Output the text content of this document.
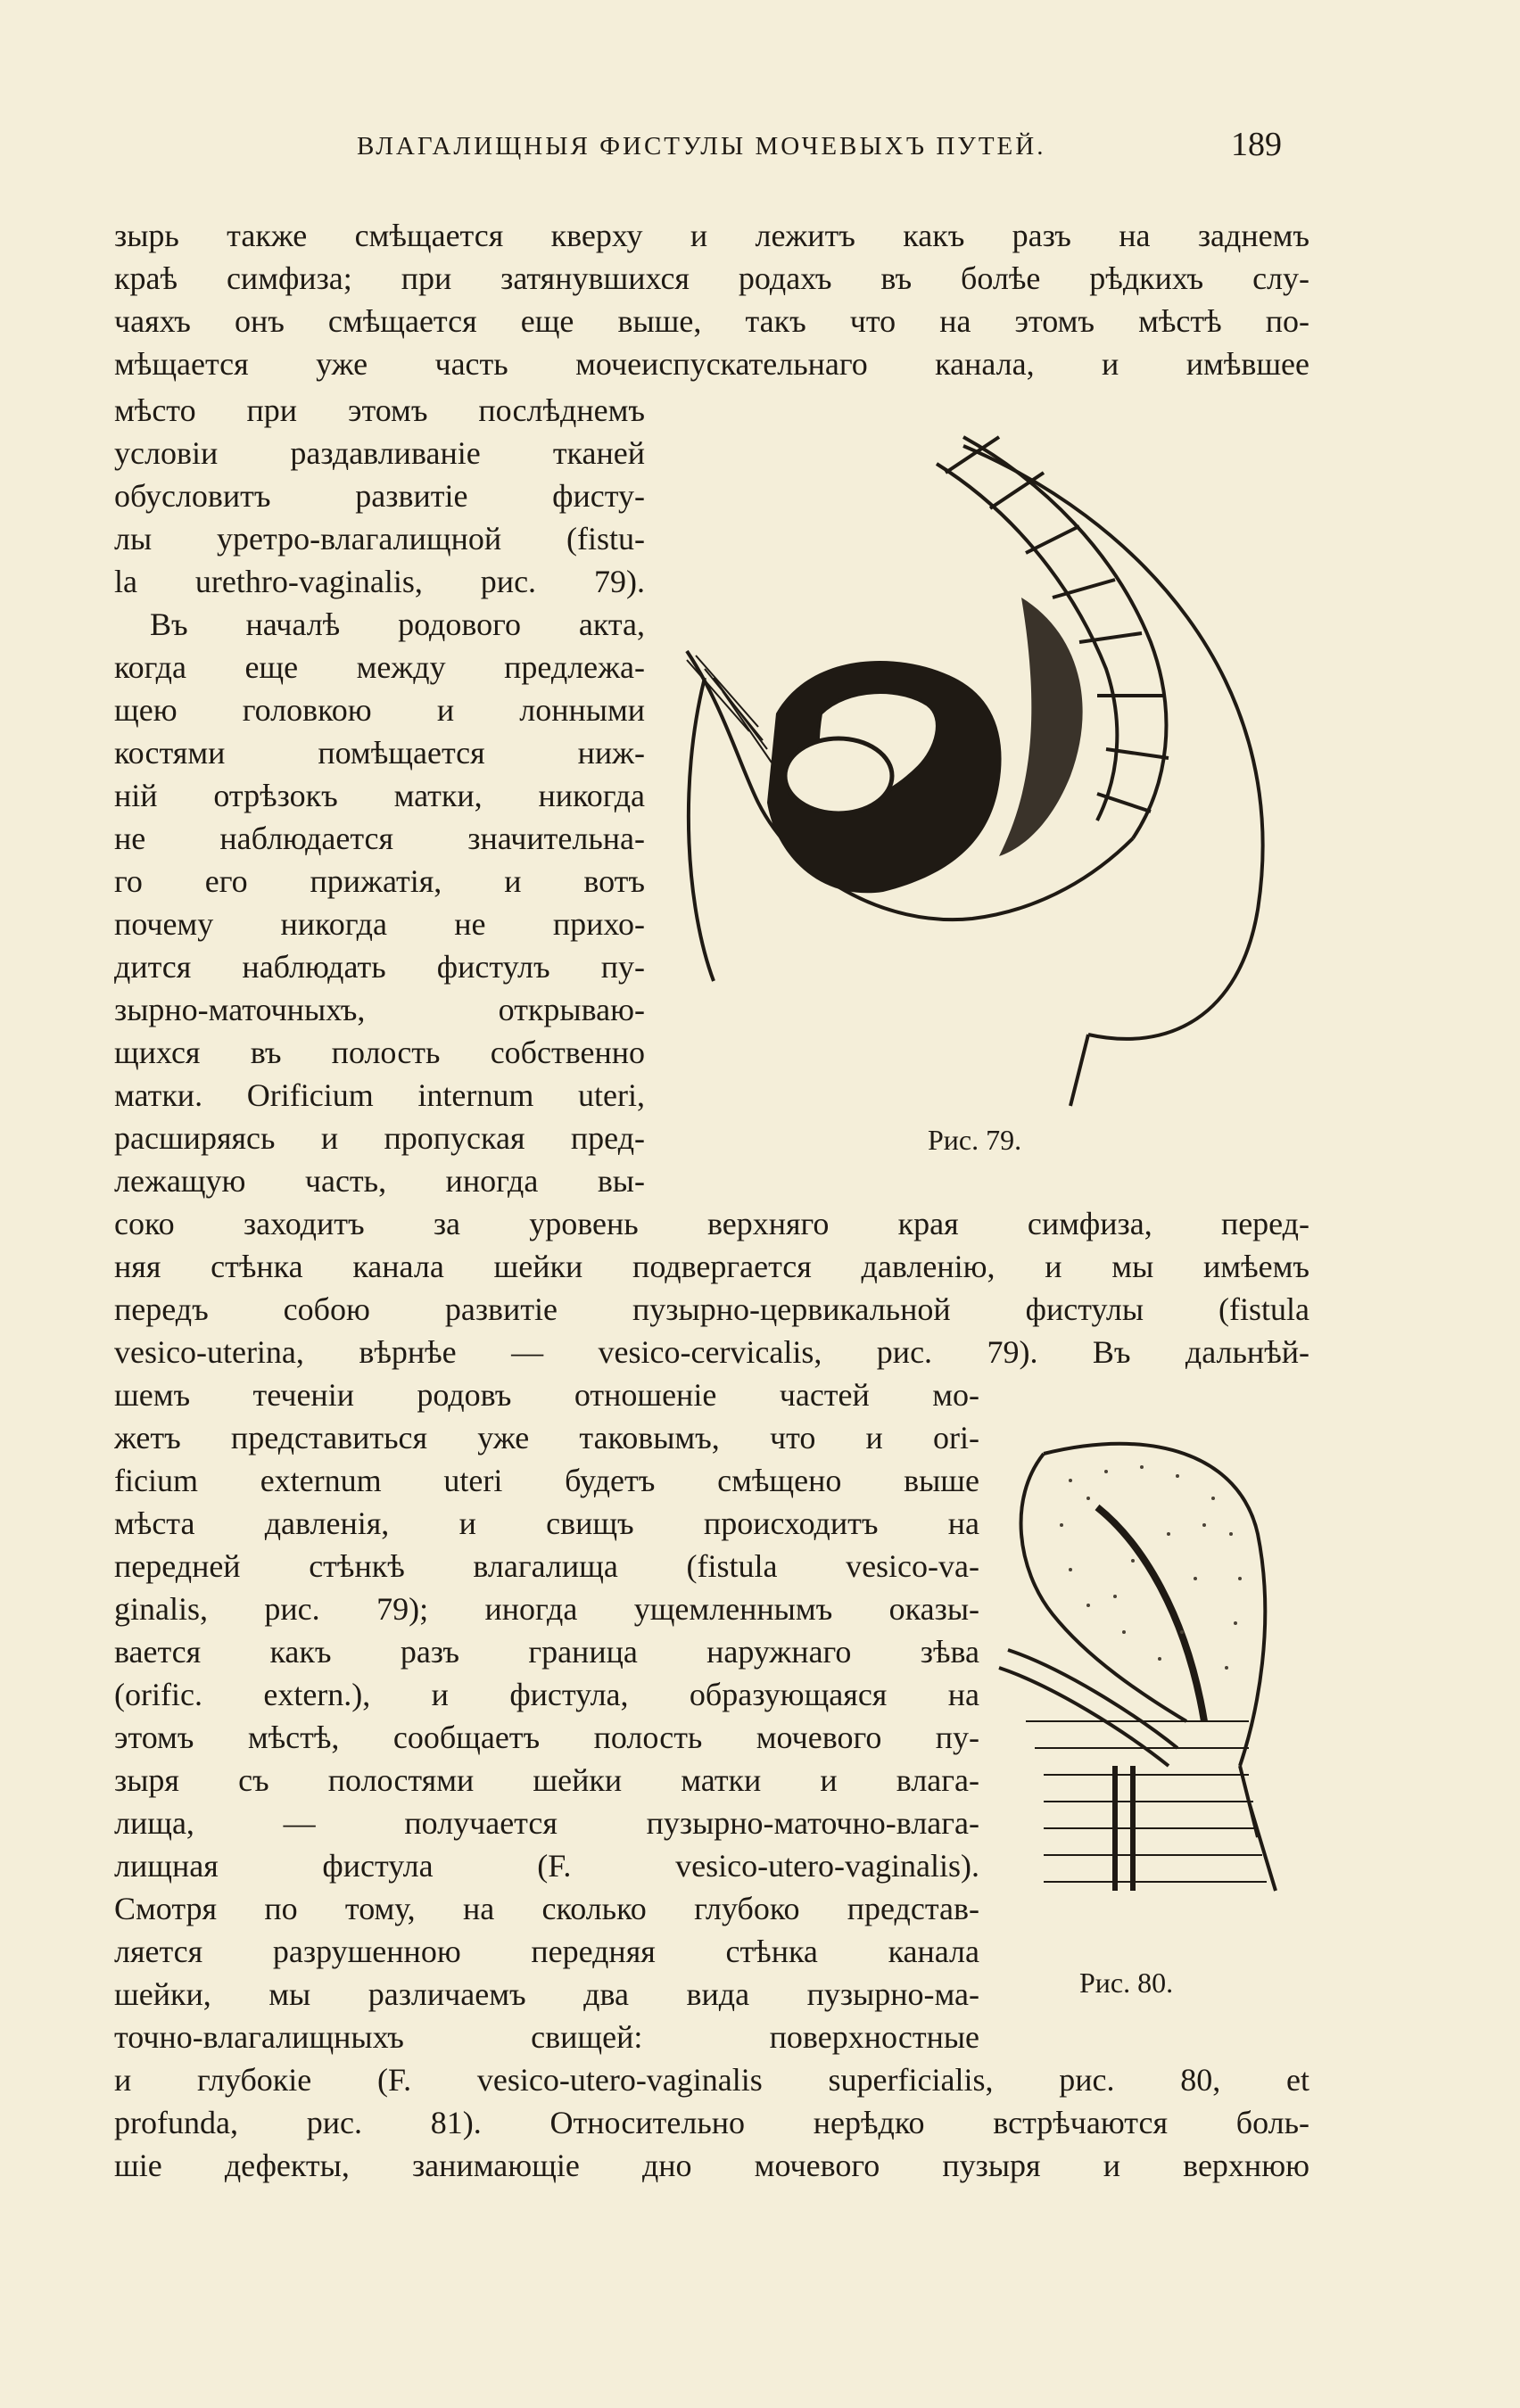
ВЛАГАЛИЩНЫЯ ФИСТУЛЫ МОЧЕВЫХЪ ПУТЕЙ.	189
зырь также смѣщается кверху и лежитъ какъ разъ на заднемъ
краѣ симфиза; при затянувшихся родахъ въ болѣе рѣдкихъ слу-
чаяхъ онъ смѣщается еще выше, такъ что на этомъ мѣстѣ по-
мѣщается уже часть мочеиспускательнаго канала, и имѣвшее
мѣсто при этомъ послѣднемъ
условіи раздавливаніе тканей
обусловитъ развитіе фисту-
лы уретро-влагалищной (fistu-
la urethro-vaginalis, рис. 79).
Въ началѣ родового акта,
когда еще между предлежа-
щею головкою и лонными
костями помѣщается ниж-
ній отрѣзокъ матки, никогда
не наблюдается значительна-
го его прижатія, и вотъ
почему никогда не прихо-
дится наблюдать фистулъ пу-
зырно-маточныхъ, открываю-
щихся въ полость собственно
матки. Orificium internum uteri,
расширяясь и пропуская пред-
лежащую часть, иногда вы-
соко заходитъ за уровень верхняго края симфиза, перед-
няя стѣнка канала шейки подвергается давленію, и мы имѣемъ
передъ собою развитіе пузырно-цервикальной фистулы (fistula
vesico-uterina, вѣрнѣе — vesico-cervicalis, рис. 79). Въ дальнѣй-
шемъ теченіи родовъ отношеніе частей мо-
жетъ представиться уже таковымъ, что и ori-
ficium externum uteri будетъ смѣщено выше
мѣста давленія, и свищъ происходитъ на
передней стѣнкѣ влагалища (fistula vesico-va-
ginalis, рис. 79); иногда ущемленнымъ оказы-
вается какъ разъ граница наружнаго зѣва
(orific. extern.), и фистула, образующаяся на
этомъ мѣстѣ, сообщаетъ полость мочевого пу-
зыря съ полостями шейки матки и влага-
лища, — получается пузырно-маточно-влага-
лищная фистула (F. vesico-utero-vaginalis).
Смотря по тому, на сколько глубоко представ-
ляется разрушенною передняя стѣнка канала
шейки, мы различаемъ два вида пузырно-ма-
точно-влагалищныхъ свищей: поверхностные
и глубокіе (F. vesico-utero-vaginalis superficialis, рис. 80, et
profunda, рис. 81). Относительно нерѣдко встрѣчаются боль-
шіе дефекты, занимающіе дно мочевого пузыря и верхнюю
Рис. 79.
Рис. 80.
